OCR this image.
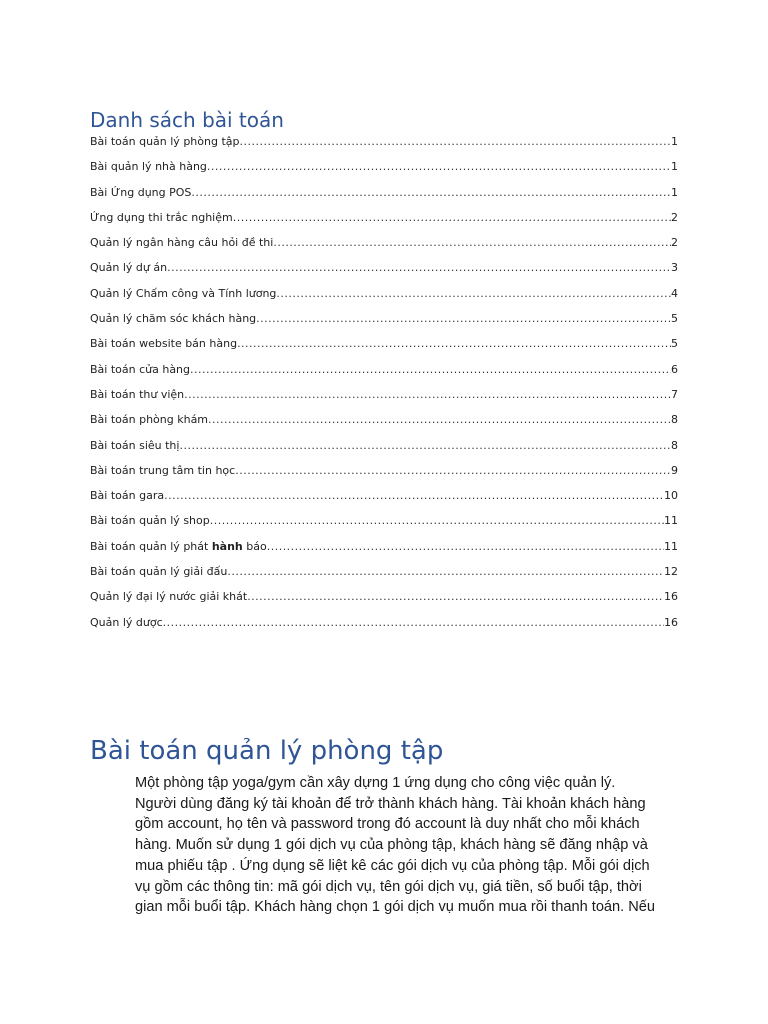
Danh sách bài toán
Bài toán quản lý phòng tập .....	1
Bài quản lý nhà hàng .....	1
Bài Ứng dụng POS .....	1
Ứng dụng thi trắc nghiệm .....	2
Quản lý ngân hàng câu hỏi đề thi .....	2
Quản lý dự án .....	3
Quản lý Chấm công và Tính lương .....	4
Quản lý chăm sóc khách hàng .....	5
Bài toán website bán hàng .....	5
Bài toán cửa hàng .....	6
Bài toán thư viện .....	7
Bài toán phòng khám .....	8
Bài toán siêu thị .....	8
Bài toán trung tâm tin học .....	9
Bài toán gara .....	10
Bài toán quản lý shop .....	11
Bài toán quản lý phát hành báo .....	11
Bài toán quản lý giải đấu .....	12
Quản lý đại lý nước giải khát .....	16
Quản lý dược .....	16
Bài toán quản lý phòng tập

Một phòng tập yoga/gym cần xây dựng 1 ứng dụng cho công việc quản lý.
Người dùng đăng ký tài khoản để trở thành khách hàng. Tài khoản khách hàng
gồm account, họ tên và password trong đó account là duy nhất cho mỗi khách
hàng. Muốn sử dụng 1 gói dịch vụ của phòng tập, khách hàng sẽ đăng nhập và
mua phiếu tập . Ứng dụng sẽ liệt kê các gói dịch vụ của phòng tập. Mỗi gói dịch
vụ gồm các thông tin: mã gói dịch vụ, tên gói dịch vụ, giá tiền, số buổi tập, thời
gian mỗi buổi tập. Khách hàng chọn 1 gói dịch vụ muốn mua rồi thanh toán. Nếu
